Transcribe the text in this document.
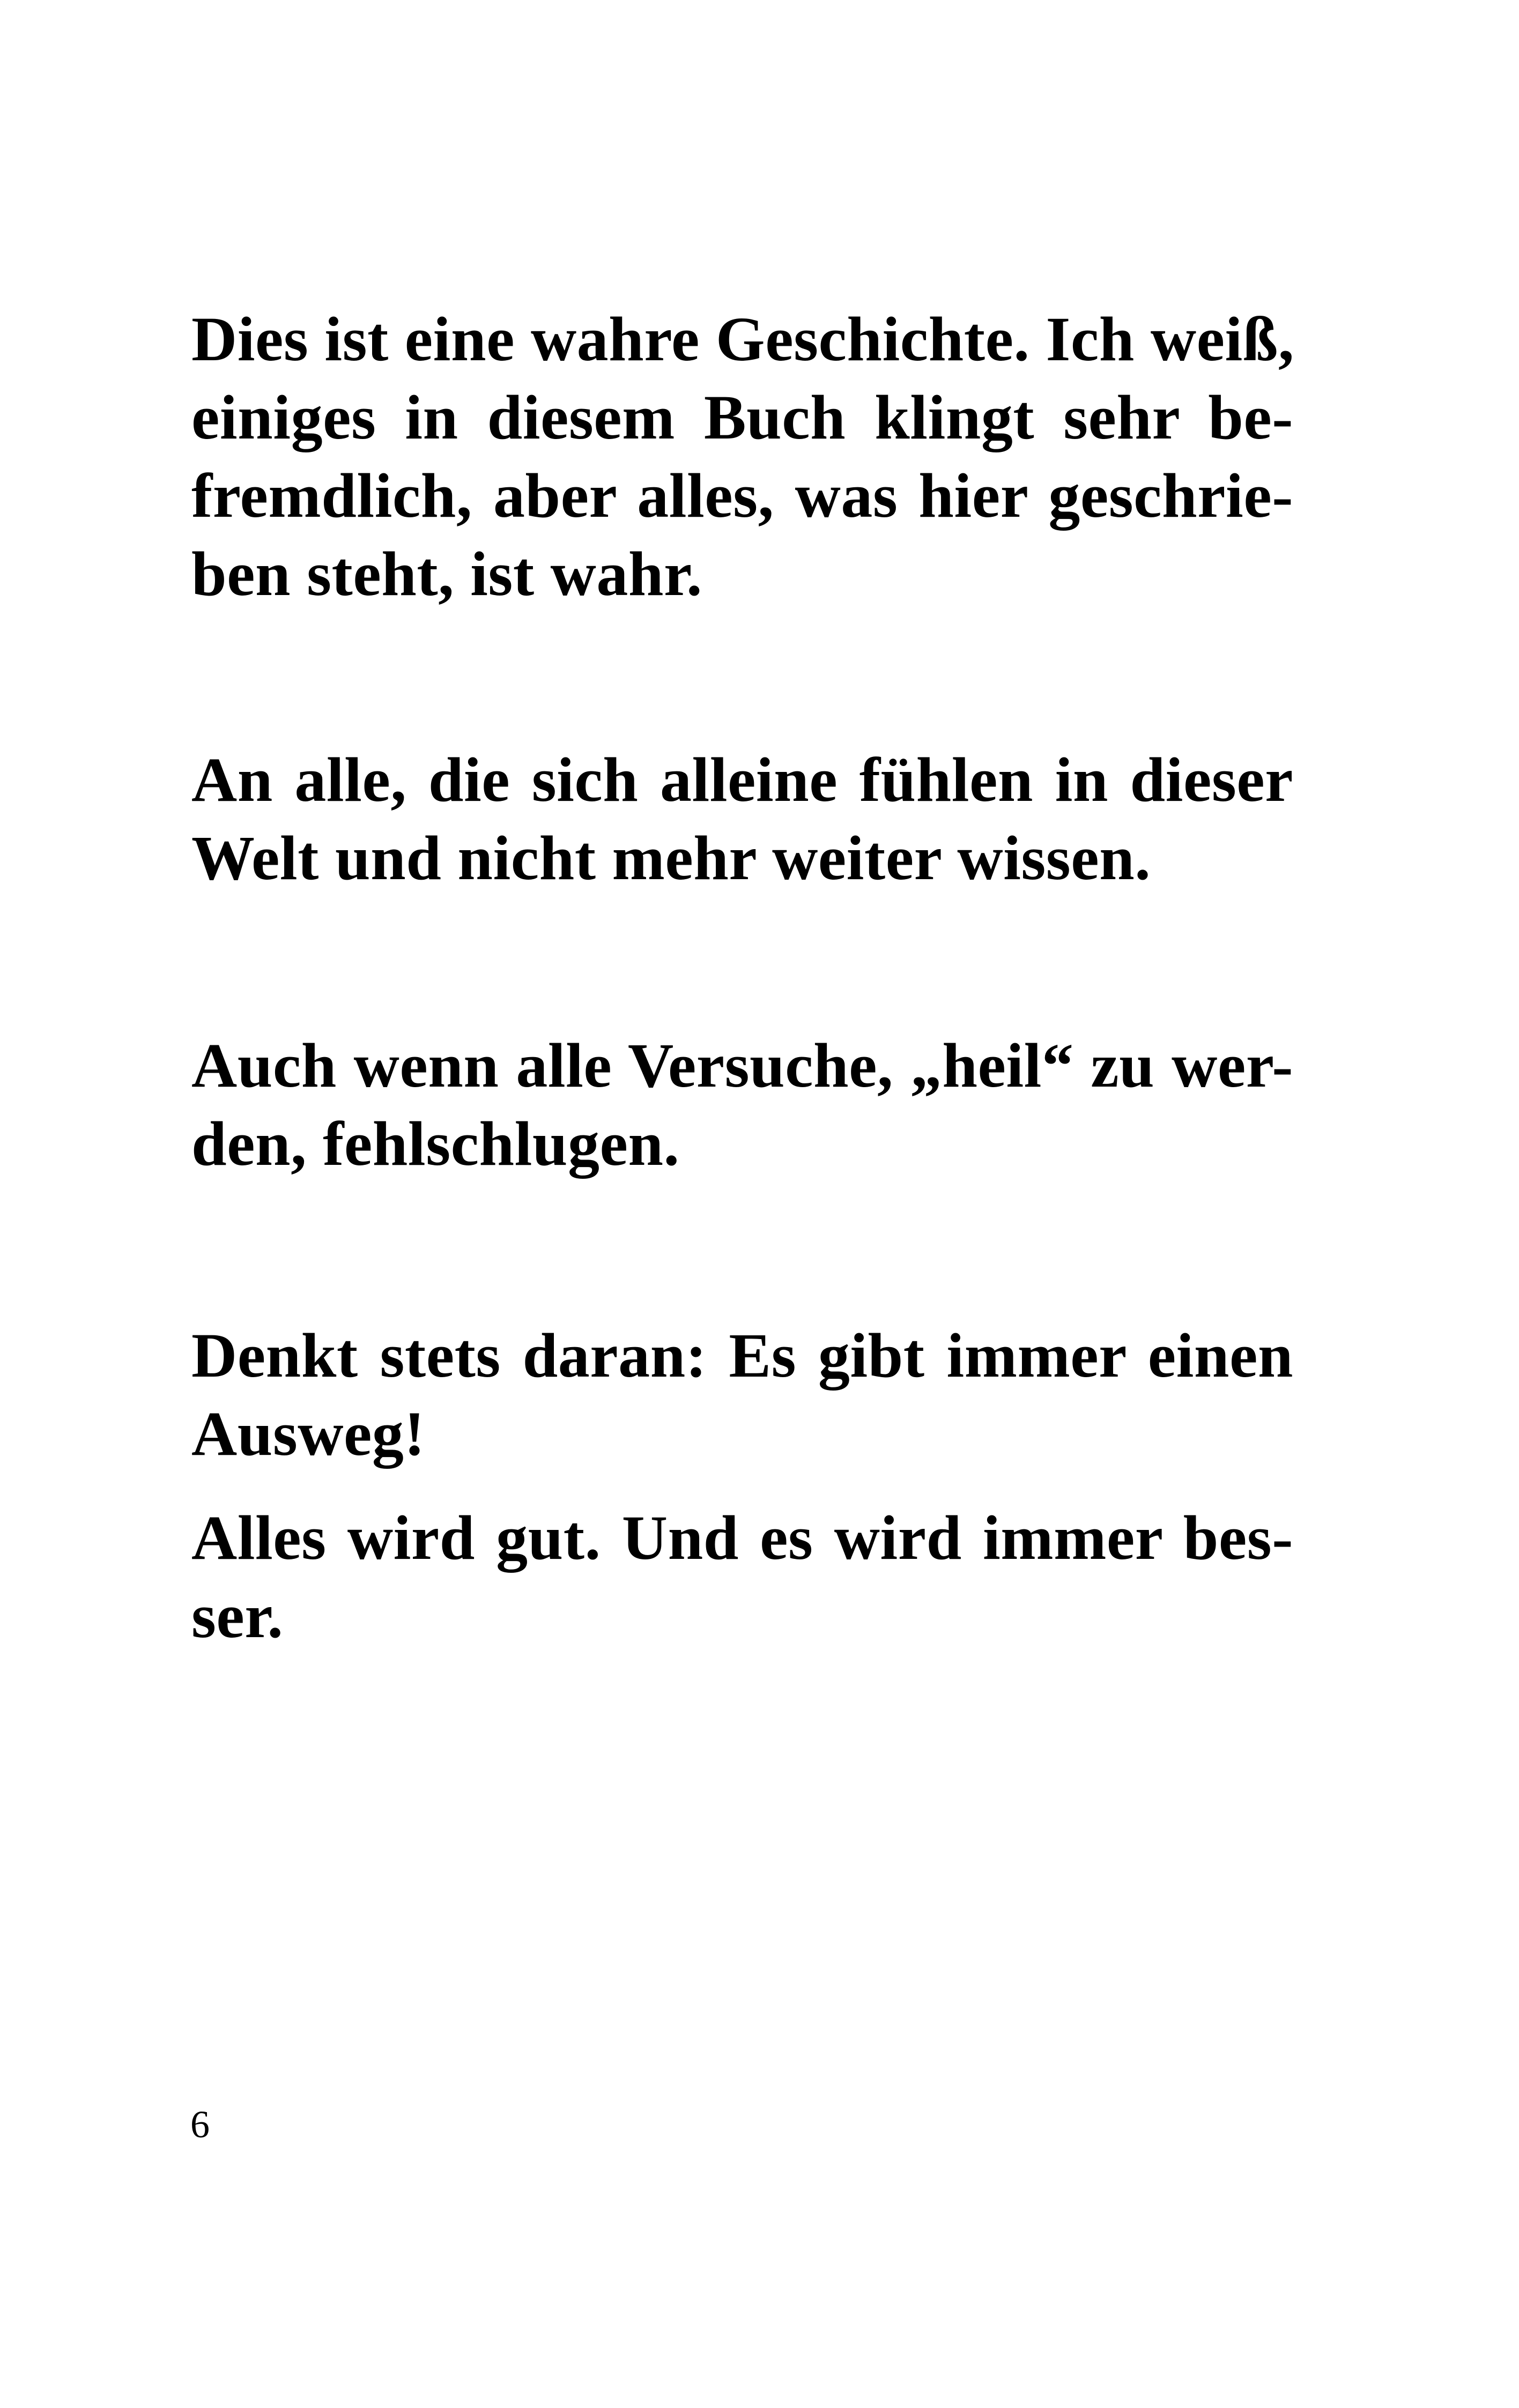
Dies ist eine wahre Geschichte. Ich weiß,
einiges in diesem Buch klingt sehr be-
fremdlich, aber alles, was hier geschrie-
ben steht, ist wahr.
An alle, die sich alleine fühlen in dieser
Welt und nicht mehr weiter wissen.
Auch wenn alle Versuche, „heil“ zu wer-
den, fehlschlugen.
Denkt stets daran: Es gibt immer einen
Ausweg!
Alles wird gut. Und es wird immer bes-
ser.
6
